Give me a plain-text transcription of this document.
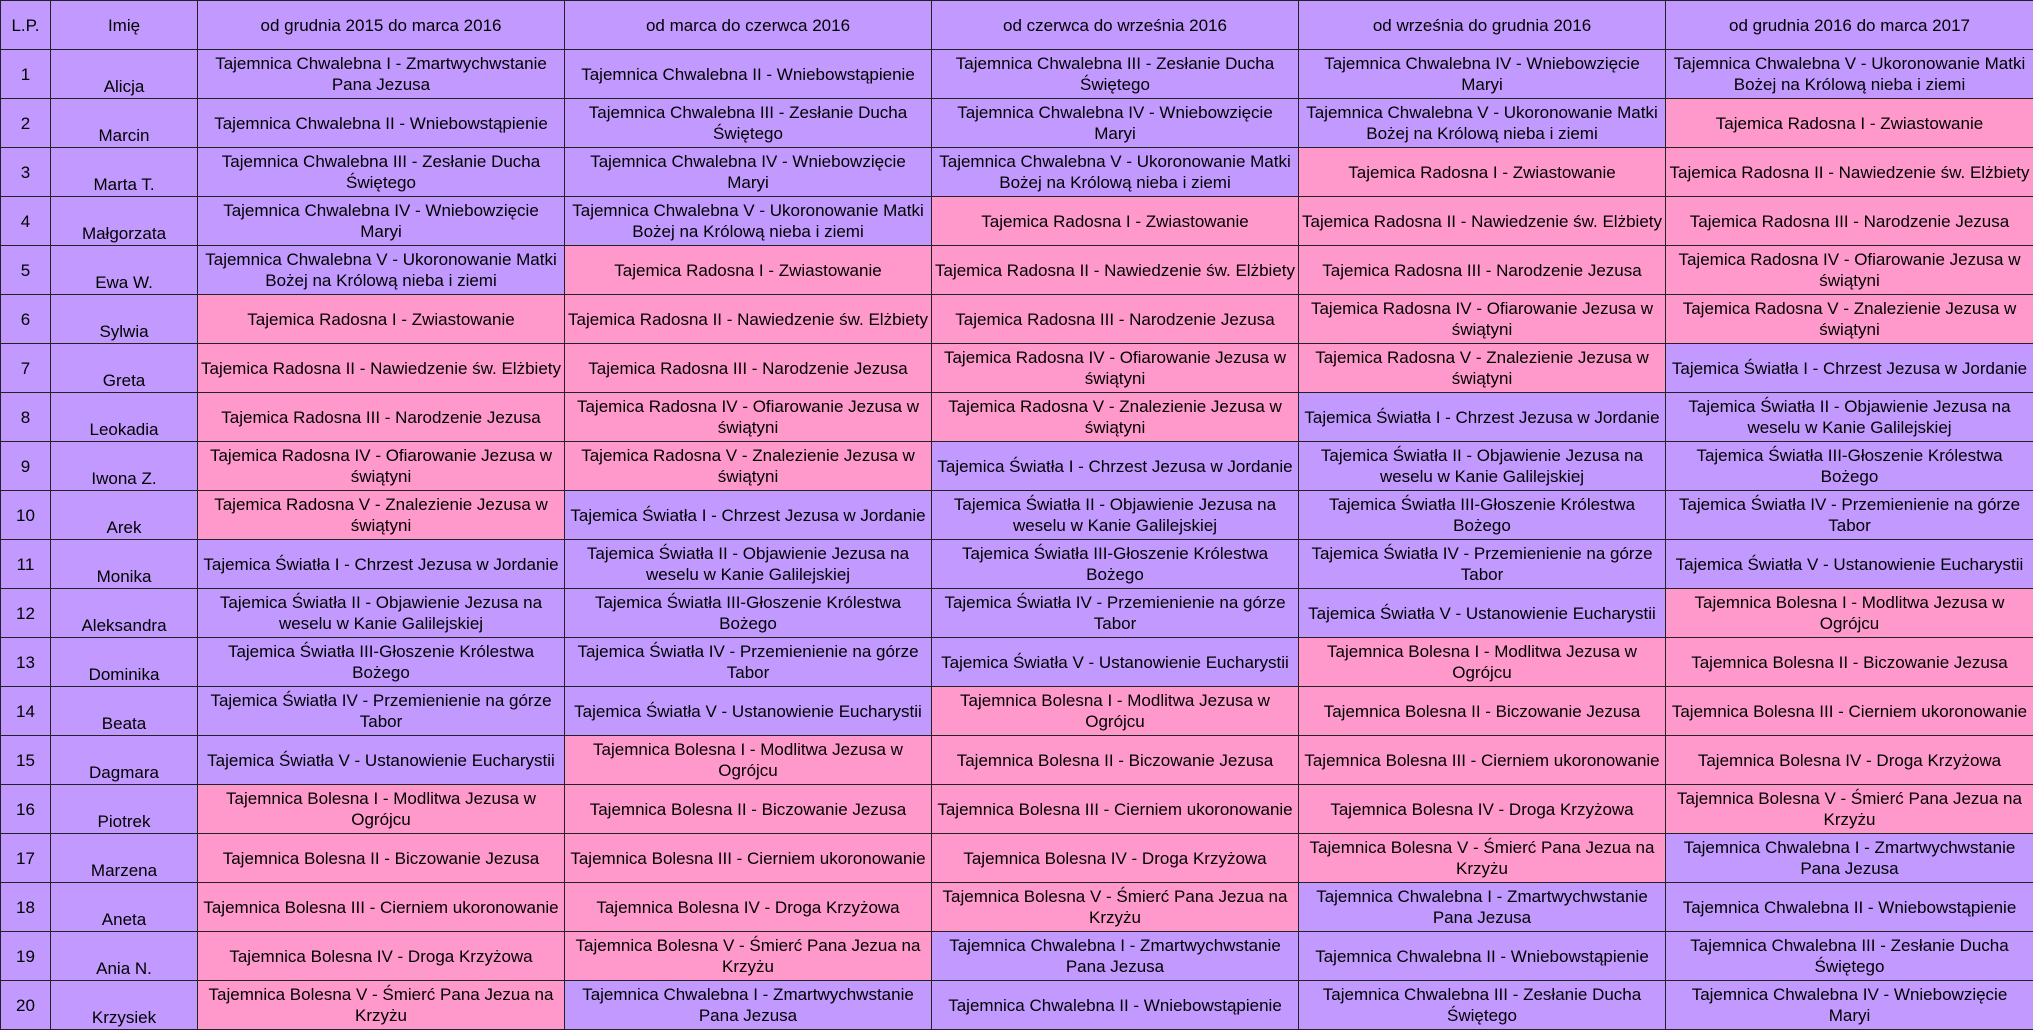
L.P.	Imię	od grudnia 2015 do marca 2016	od marca do czerwca 2016	od czerwca do września 2016	od września do grudnia 2016	od grudnia 2016 do marca 2017
1	Alicja	Tajemnica Chwalebna I - Zmartwychwstanie Pana Jezusa	Tajemnica Chwalebna II - Wniebowstąpienie	Tajemnica Chwalebna III - Zesłanie Ducha Świętego	Tajemnica Chwalebna IV - Wniebowzięcie Maryi	Tajemnica Chwalebna V - Ukoronowanie Matki Bożej na Królową nieba i ziemi
2	Marcin	Tajemnica Chwalebna II - Wniebowstąpienie	Tajemnica Chwalebna III - Zesłanie Ducha Świętego	Tajemnica Chwalebna IV - Wniebowzięcie Maryi	Tajemnica Chwalebna V - Ukoronowanie Matki Bożej na Królową nieba i ziemi	Tajemica Radosna I - Zwiastowanie
3	Marta T.	Tajemnica Chwalebna III - Zesłanie Ducha Świętego	Tajemnica Chwalebna IV - Wniebowzięcie Maryi	Tajemnica Chwalebna V - Ukoronowanie Matki Bożej na Królową nieba i ziemi	Tajemica Radosna I - Zwiastowanie	Tajemica Radosna II - Nawiedzenie św. Elżbiety
4	Małgorzata	Tajemnica Chwalebna IV - Wniebowzięcie Maryi	Tajemnica Chwalebna V - Ukoronowanie Matki Bożej na Królową nieba i ziemi	Tajemica Radosna I - Zwiastowanie	Tajemica Radosna II - Nawiedzenie św. Elżbiety	Tajemica Radosna III - Narodzenie Jezusa
5	Ewa W.	Tajemnica Chwalebna V - Ukoronowanie Matki Bożej na Królową nieba i ziemi	Tajemica Radosna I - Zwiastowanie	Tajemica Radosna II - Nawiedzenie św. Elżbiety	Tajemica Radosna III - Narodzenie Jezusa	Tajemica Radosna IV - Ofiarowanie Jezusa w świątyni
6	Sylwia	Tajemica Radosna I - Zwiastowanie	Tajemica Radosna II - Nawiedzenie św. Elżbiety	Tajemica Radosna III - Narodzenie Jezusa	Tajemica Radosna IV - Ofiarowanie Jezusa w świątyni	Tajemica Radosna V - Znalezienie Jezusa w świątyni
7	Greta	Tajemica Radosna II - Nawiedzenie św. Elżbiety	Tajemica Radosna III - Narodzenie Jezusa	Tajemica Radosna IV - Ofiarowanie Jezusa w świątyni	Tajemica Radosna V - Znalezienie Jezusa w świątyni	Tajemica Światła I - Chrzest Jezusa w Jordanie
8	Leokadia	Tajemica Radosna III - Narodzenie Jezusa	Tajemica Radosna IV - Ofiarowanie Jezusa w świątyni	Tajemica Radosna V - Znalezienie Jezusa w świątyni	Tajemica Światła I - Chrzest Jezusa w Jordanie	Tajemica Światła II - Objawienie Jezusa na weselu w Kanie Galilejskiej
9	Iwona Z.	Tajemica Radosna IV - Ofiarowanie Jezusa w świątyni	Tajemica Radosna V - Znalezienie Jezusa w świątyni	Tajemica Światła I - Chrzest Jezusa w Jordanie	Tajemica Światła II - Objawienie Jezusa na weselu w Kanie Galilejskiej	Tajemica Światła III-Głoszenie Królestwa Bożego
10	Arek	Tajemica Radosna V - Znalezienie Jezusa w świątyni	Tajemica Światła I - Chrzest Jezusa w Jordanie	Tajemica Światła II - Objawienie Jezusa na weselu w Kanie Galilejskiej	Tajemica Światła III-Głoszenie Królestwa Bożego	Tajemica Światła IV - Przemienienie na górze Tabor
11	Monika	Tajemica Światła I - Chrzest Jezusa w Jordanie	Tajemica Światła II - Objawienie Jezusa na weselu w Kanie Galilejskiej	Tajemica Światła III-Głoszenie Królestwa Bożego	Tajemica Światła IV - Przemienienie na górze Tabor	Tajemica Światła V - Ustanowienie Eucharystii
12	Aleksandra	Tajemica Światła II - Objawienie Jezusa na weselu w Kanie Galilejskiej	Tajemica Światła III-Głoszenie Królestwa Bożego	Tajemica Światła IV - Przemienienie na górze Tabor	Tajemica Światła V - Ustanowienie Eucharystii	Tajemnica Bolesna I - Modlitwa Jezusa w Ogrójcu
13	Dominika	Tajemica Światła III-Głoszenie Królestwa Bożego	Tajemica Światła IV - Przemienienie na górze Tabor	Tajemica Światła V - Ustanowienie Eucharystii	Tajemnica Bolesna I - Modlitwa Jezusa w Ogrójcu	Tajemnica Bolesna II - Biczowanie Jezusa
14	Beata	Tajemica Światła IV - Przemienienie na górze Tabor	Tajemica Światła V - Ustanowienie Eucharystii	Tajemnica Bolesna I - Modlitwa Jezusa w Ogrójcu	Tajemnica Bolesna II - Biczowanie Jezusa	Tajemnica Bolesna III - Cierniem ukoronowanie
15	Dagmara	Tajemica Światła V - Ustanowienie Eucharystii	Tajemnica Bolesna I - Modlitwa Jezusa w Ogrójcu	Tajemnica Bolesna II - Biczowanie Jezusa	Tajemnica Bolesna III - Cierniem ukoronowanie	Tajemnica Bolesna IV - Droga Krzyżowa
16	Piotrek	Tajemnica Bolesna I - Modlitwa Jezusa w Ogrójcu	Tajemnica Bolesna II - Biczowanie Jezusa	Tajemnica Bolesna III - Cierniem ukoronowanie	Tajemnica Bolesna IV - Droga Krzyżowa	Tajemnica Bolesna V - Śmierć Pana Jezua na Krzyżu
17	Marzena	Tajemnica Bolesna II - Biczowanie Jezusa	Tajemnica Bolesna III - Cierniem ukoronowanie	Tajemnica Bolesna IV - Droga Krzyżowa	Tajemnica Bolesna V - Śmierć Pana Jezua na Krzyżu	Tajemnica Chwalebna I - Zmartwychwstanie Pana Jezusa
18	Aneta	Tajemnica Bolesna III - Cierniem ukoronowanie	Tajemnica Bolesna IV - Droga Krzyżowa	Tajemnica Bolesna V - Śmierć Pana Jezua na Krzyżu	Tajemnica Chwalebna I - Zmartwychwstanie Pana Jezusa	Tajemnica Chwalebna II - Wniebowstąpienie
19	Ania N.	Tajemnica Bolesna IV - Droga Krzyżowa	Tajemnica Bolesna V - Śmierć Pana Jezua na Krzyżu	Tajemnica Chwalebna I - Zmartwychwstanie Pana Jezusa	Tajemnica Chwalebna II - Wniebowstąpienie	Tajemnica Chwalebna III - Zesłanie Ducha Świętego
20	Krzysiek	Tajemnica Bolesna V - Śmierć Pana Jezua na Krzyżu	Tajemnica Chwalebna I - Zmartwychwstanie Pana Jezusa	Tajemnica Chwalebna II - Wniebowstąpienie	Tajemnica Chwalebna III - Zesłanie Ducha Świętego	Tajemnica Chwalebna IV - Wniebowzięcie Maryi
